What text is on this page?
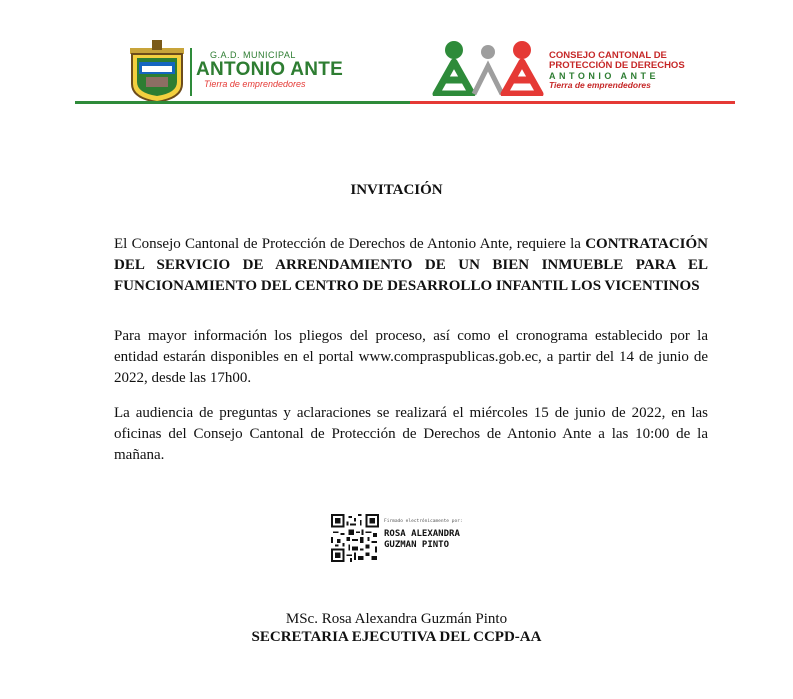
G.A.D. MUNICIPAL
ANTONIO ANTE
Tierra de emprendedores
CONSEJO CANTONAL DE
PROTECCIÓN DE DERECHOS
ANTONIO ANTE
Tierra de emprendedores
INVITACIÓN
El Consejo Cantonal de Protección de Derechos de Antonio Ante, requiere la CONTRATACIÓN DEL SERVICIO DE ARRENDAMIENTO DE UN BIEN INMUEBLE PARA EL FUNCIONAMIENTO DEL CENTRO DE DESARROLLO INFANTIL LOS VICENTINOS
Para mayor información los pliegos del proceso, así como el cronograma establecido por la entidad estarán disponibles en el portal www.compraspublicas.gob.ec, a partir del 14 de junio de 2022, desde las 17h00.
La audiencia de preguntas y aclaraciones se realizará el miércoles 15 de junio de 2022, en las oficinas del Consejo Cantonal de Protección de Derechos de Antonio Ante a las 10:00 de la mañana.
Firmado electrónicamente por:
ROSA ALEXANDRA
GUZMAN PINTO
MSc. Rosa Alexandra Guzmán Pinto
SECRETARIA EJECUTIVA DEL CCPD-AA
